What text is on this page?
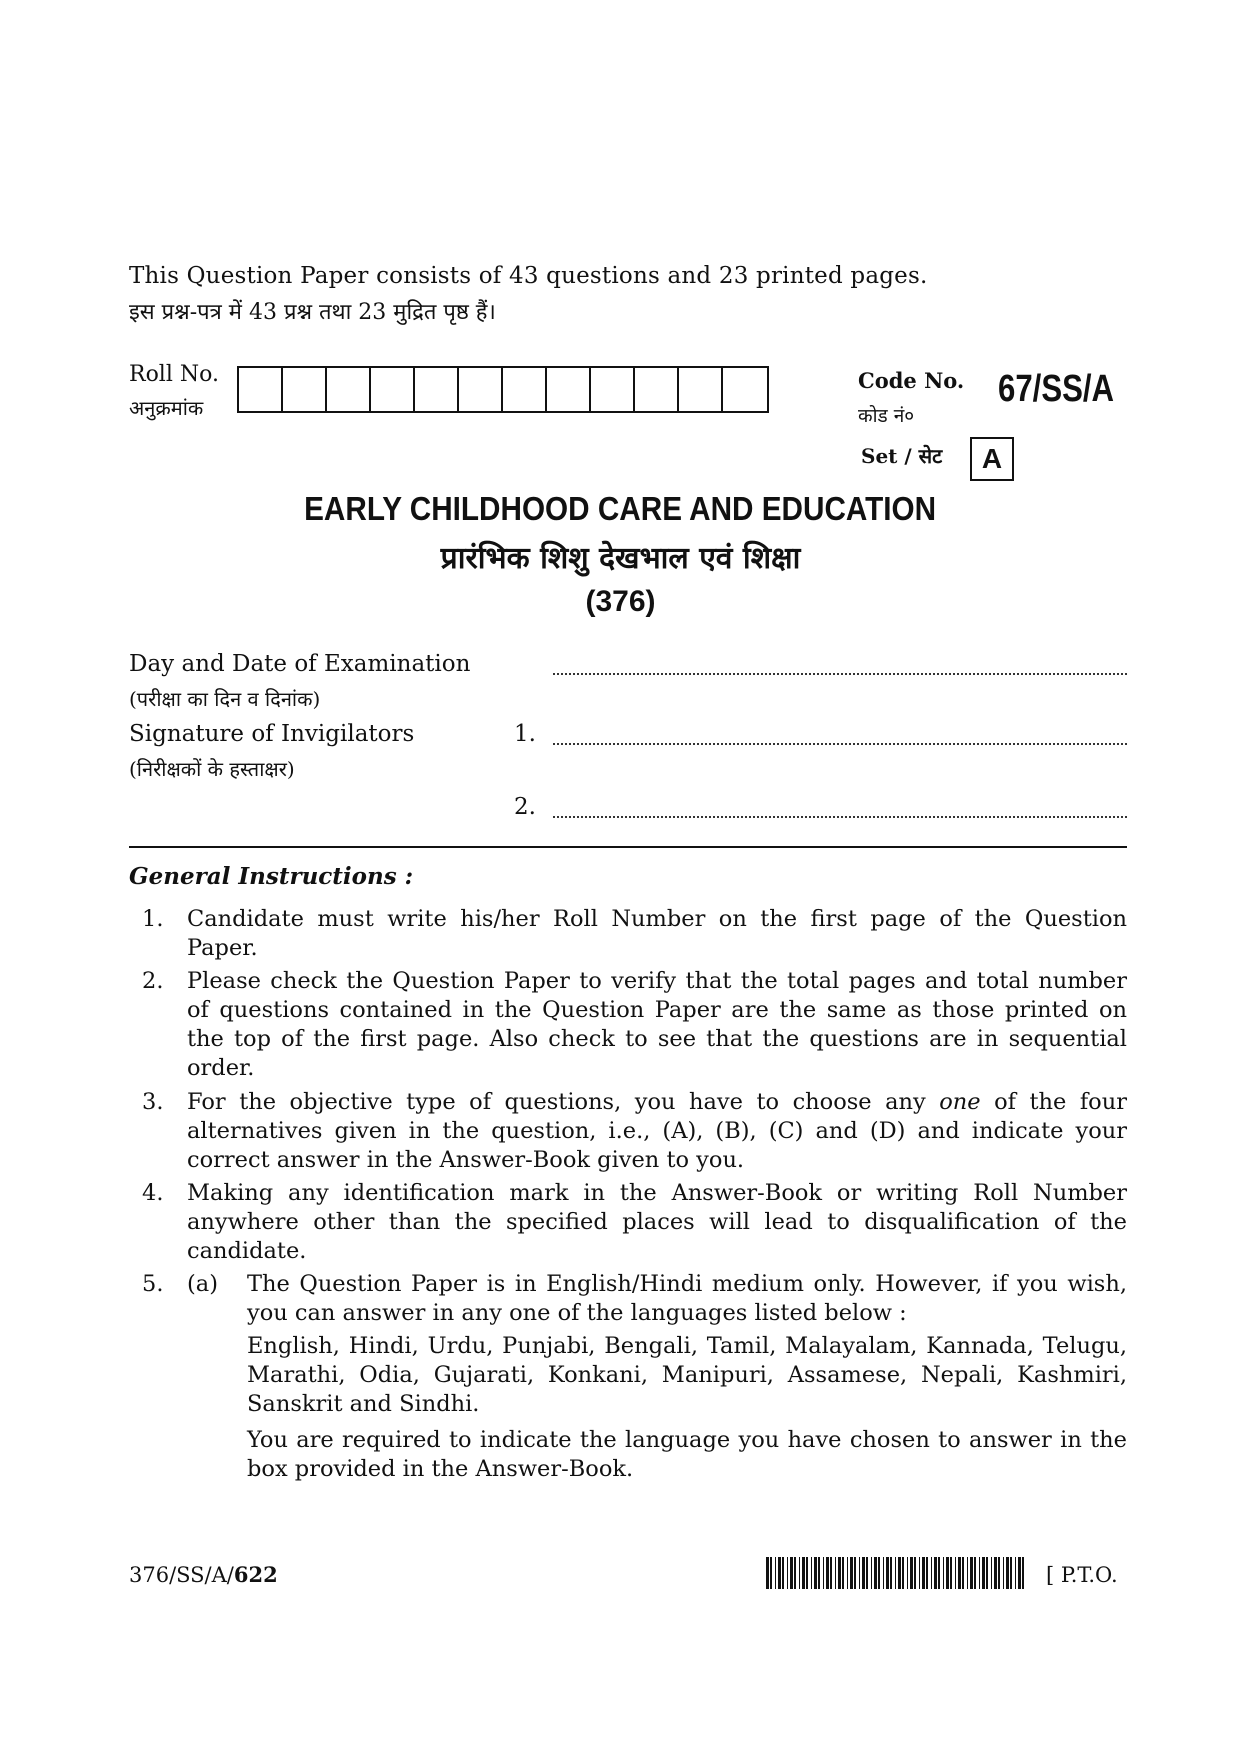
This Question Paper consists of 43 questions and 23 printed pages.
इस प्रश्न-पत्र में 43 प्रश्न तथा 23 मुद्रित पृष्ठ हैं।
Roll No.
अनुक्रमांक
Code No.
कोड नं०
67/SS/A
Set / सेट	A
EARLY CHILDHOOD CARE AND EDUCATION
प्रारंभिक शिशु देखभाल एवं शिक्षा
(376)
Day and Date of Examination
(परीक्षा का दिन व दिनांक)
Signature of Invigilators
(निरीक्षकों के हस्ताक्षर)
1.
2.
General Instructions :
1. Candidate must write his/her Roll Number on the first page of the Question Paper.
2. Please check the Question Paper to verify that the total pages and total number of questions contained in the Question Paper are the same as those printed on the top of the first page. Also check to see that the questions are in sequential order.
3. For the objective type of questions, you have to choose any one of the four alternatives given in the question, i.e., (A), (B), (C) and (D) and indicate your correct answer in the Answer-Book given to you.
4. Making any identification mark in the Answer-Book or writing Roll Number anywhere other than the specified places will lead to disqualification of the candidate.
5. (a) The Question Paper is in English/Hindi medium only. However, if you wish, you can answer in any one of the languages listed below :
English, Hindi, Urdu, Punjabi, Bengali, Tamil, Malayalam, Kannada, Telugu, Marathi, Odia, Gujarati, Konkani, Manipuri, Assamese, Nepali, Kashmiri, Sanskrit and Sindhi.
You are required to indicate the language you have chosen to answer in the box provided in the Answer-Book.
376/SS/A/622	[ P.T.O.
